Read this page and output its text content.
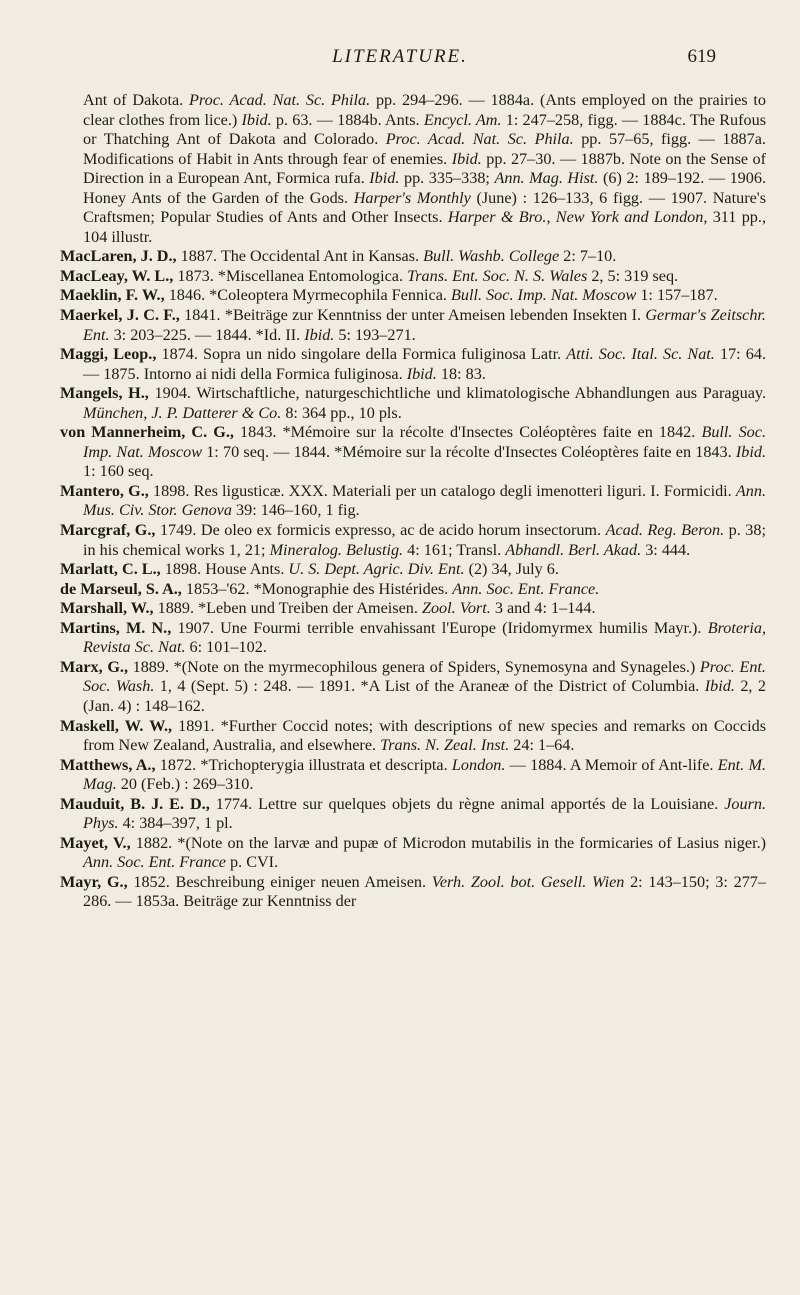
LITERATURE.	619

Ant of Dakota. Proc. Acad. Nat. Sc. Phila. pp. 294–296. — 1884a. (Ants employed on the prairies to clear clothes from lice.) Ibid. p. 63. — 1884b. Ants. Encycl. Am. 1: 247–258, figg. — 1884c. The Rufous or Thatching Ant of Dakota and Colorado. Proc. Acad. Nat. Sc. Phila. pp. 57–65, figg. — 1887a. Modifications of Habit in Ants through fear of enemies. Ibid. pp. 27–30. — 1887b. Note on the Sense of Direction in a European Ant, Formica rufa. Ibid. pp. 335–338; Ann. Mag. Hist. (6) 2: 189–192. — 1906. Honey Ants of the Garden of the Gods. Harper's Monthly (June) : 126–133, 6 figg. — 1907. Nature's Craftsmen; Popular Studies of Ants and Other Insects. Harper & Bro., New York and London, 311 pp., 104 illustr.

MacLaren, J. D., 1887. The Occidental Ant in Kansas. Bull. Washb. College 2: 7–10.

MacLeay, W. L., 1873. *Miscellanea Entomologica. Trans. Ent. Soc. N. S. Wales 2, 5: 319 seq.

Maeklin, F. W., 1846. *Coleoptera Myrmecophila Fennica. Bull. Soc. Imp. Nat. Moscow 1: 157–187.

Maerkel, J. C. F., 1841. *Beiträge zur Kenntniss der unter Ameisen lebenden Insekten I. Germar's Zeitschr. Ent. 3: 203–225. — 1844. *Id. II. Ibid. 5: 193–271.

Maggi, Leop., 1874. Sopra un nido singolare della Formica fuliginosa Latr. Atti. Soc. Ital. Sc. Nat. 17: 64. — 1875. Intorno ai nidi della Formica fuliginosa. Ibid. 18: 83.

Mangels, H., 1904. Wirtschaftliche, naturgeschichtliche und klimatologische Abhandlungen aus Paraguay. München, J. P. Datterer & Co. 8: 364 pp., 10 pls.

von Mannerheim, C. G., 1843. *Mémoire sur la récolte d'Insectes Coléoptères faite en 1842. Bull. Soc. Imp. Nat. Moscow 1: 70 seq. — 1844. *Mémoire sur la récolte d'Insectes Coléoptères faite en 1843. Ibid. 1: 160 seq.

Mantero, G., 1898. Res ligusticæ. XXX. Materiali per un catalogo degli imenotteri liguri. I. Formicidi. Ann. Mus. Civ. Stor. Genova 39: 146–160, 1 fig.

Marcgraf, G., 1749. De oleo ex formicis expresso, ac de acido horum insectorum. Acad. Reg. Beron. p. 38; in his chemical works 1, 21; Mineralog. Belustig. 4: 161; Transl. Abhandl. Berl. Akad. 3: 444.

Marlatt, C. L., 1898. House Ants. U. S. Dept. Agric. Div. Ent. (2) 34, July 6.

de Marseul, S. A., 1853–'62. *Monographie des Histérides. Ann. Soc. Ent. France.

Marshall, W., 1889. *Leben und Treiben der Ameisen. Zool. Vort. 3 and 4: 1–144.

Martins, M. N., 1907. Une Fourmi terrible envahissant l'Europe (Iridomyrmex humilis Mayr.). Broteria, Revista Sc. Nat. 6: 101–102.

Marx, G., 1889. *(Note on the myrmecophilous genera of Spiders, Synemosyna and Synageles.) Proc. Ent. Soc. Wash. 1, 4 (Sept. 5) : 248. — 1891. *A List of the Araneæ of the District of Columbia. Ibid. 2, 2 (Jan. 4) : 148–162.

Maskell, W. W., 1891. *Further Coccid notes; with descriptions of new species and remarks on Coccids from New Zealand, Australia, and elsewhere. Trans. N. Zeal. Inst. 24: 1–64.

Matthews, A., 1872. *Trichopterygia illustrata et descripta. London. — 1884. A Memoir of Ant-life. Ent. M. Mag. 20 (Feb.) : 269–310.

Mauduit, B. J. E. D., 1774. Lettre sur quelques objets du règne animal apportés de la Louisiane. Journ. Phys. 4: 384–397, 1 pl.

Mayet, V., 1882. *(Note on the larvæ and pupæ of Microdon mutabilis in the formicaries of Lasius niger.) Ann. Soc. Ent. France p. CVI.

Mayr, G., 1852. Beschreibung einiger neuen Ameisen. Verh. Zool. bot. Gesell. Wien 2: 143–150; 3: 277–286. — 1853a. Beiträge zur Kenntniss der
